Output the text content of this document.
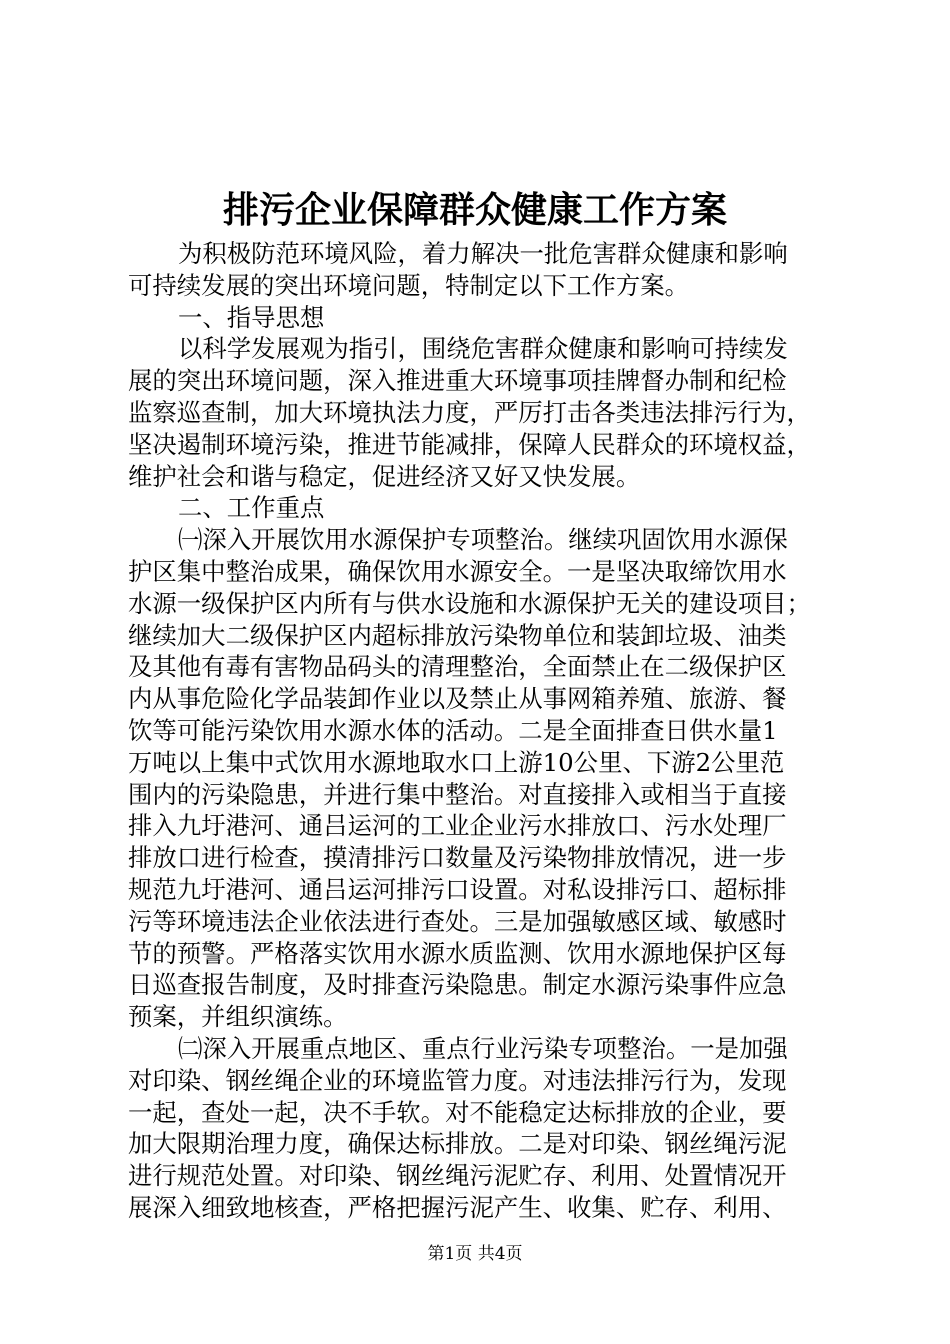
排污企业保障群众健康工作方案
为积极防范环境风险，着力解决一批危害群众健康和影响
可持续发展的突出环境问题，特制定以下工作方案。
一、指导思想
以科学发展观为指引，围绕危害群众健康和影响可持续发
展的突出环境问题，深入推进重大环境事项挂牌督办制和纪检
监察巡查制，加大环境执法力度，严厉打击各类违法排污行为，
坚决遏制环境污染，推进节能减排，保障人民群众的环境权益，
维护社会和谐与稳定，促进经济又好又快发展。
二、工作重点
㈠深入开展饮用水源保护专项整治。继续巩固饮用水源保
护区集中整治成果，确保饮用水源安全。一是坚决取缔饮用水
水源一级保护区内所有与供水设施和水源保护无关的建设项目；
继续加大二级保护区内超标排放污染物单位和装卸垃圾、油类
及其他有毒有害物品码头的清理整治，全面禁止在二级保护区
内从事危险化学品装卸作业以及禁止从事网箱养殖、旅游、餐
饮等可能污染饮用水源水体的活动。二是全面排查日供水量1
万吨以上集中式饮用水源地取水口上游10公里、下游2公里范
围内的污染隐患，并进行集中整治。对直接排入或相当于直接
排入九圩港河、通吕运河的工业企业污水排放口、污水处理厂
排放口进行检查，摸清排污口数量及污染物排放情况，进一步
规范九圩港河、通吕运河排污口设置。对私设排污口、超标排
污等环境违法企业依法进行查处。三是加强敏感区域、敏感时
节的预警。严格落实饮用水源水质监测、饮用水源地保护区每
日巡查报告制度，及时排查污染隐患。制定水源污染事件应急
预案，并组织演练。
㈡深入开展重点地区、重点行业污染专项整治。一是加强
对印染、钢丝绳企业的环境监管力度。对违法排污行为，发现
一起，查处一起，决不手软。对不能稳定达标排放的企业，要
加大限期治理力度，确保达标排放。二是对印染、钢丝绳污泥
进行规范处置。对印染、钢丝绳污泥贮存、利用、处置情况开
展深入细致地核查，严格把握污泥产生、收集、贮存、利用、
第1页 共4页
